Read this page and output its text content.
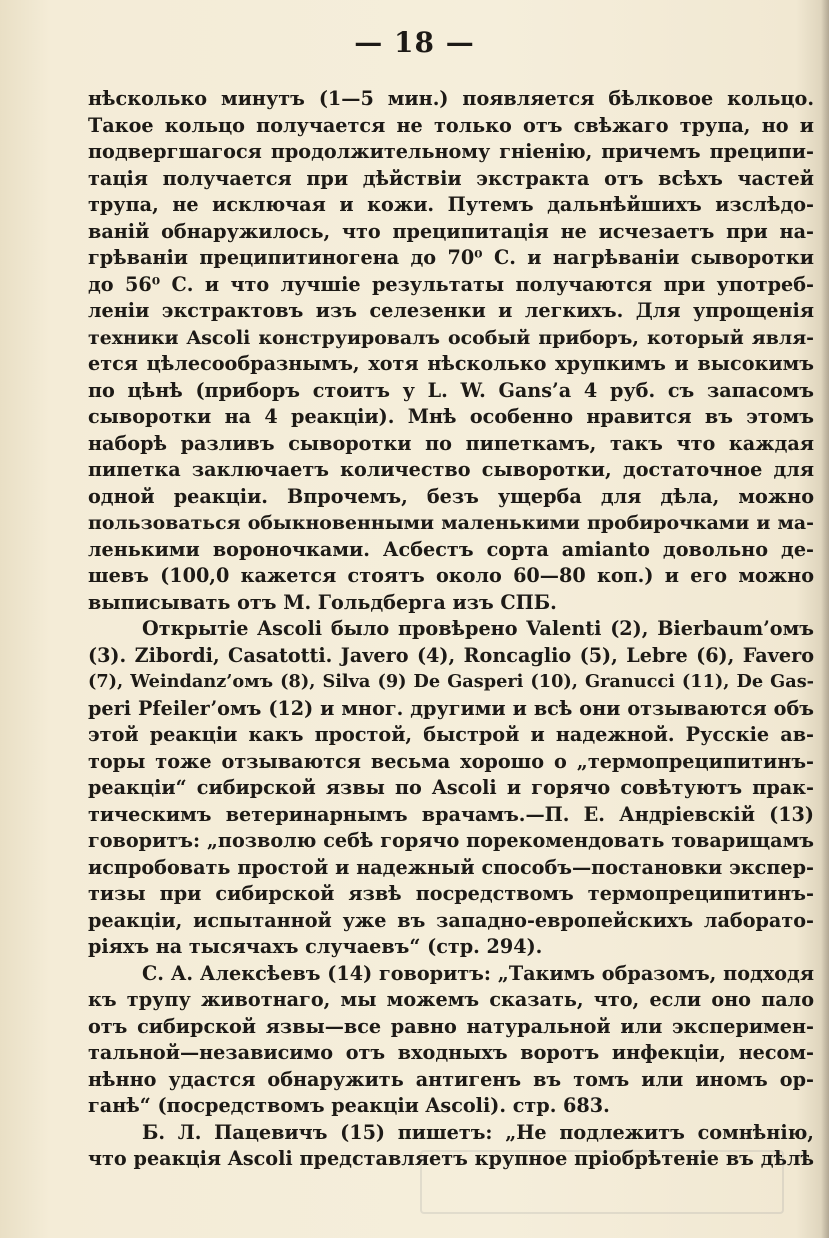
— 18 —
нѣсколько минутъ (1—5 мин.) появляется бѣлковое кольцо.
Такое кольцо получается не только отъ свѣжаго трупа, но и
подвергшагося продолжительному гніенію, причемъ преципи-
тація получается при дѣйствіи экстракта отъ всѣхъ частей
трупа, не исключая и кожи. Путемъ дальнѣйшихъ изслѣдо-
ваній обнаружилось, что преципитація не исчезаетъ при на-
грѣваніи преципитиногена до 70⁰ С. и нагрѣваніи сыворотки
до 56⁰ С. и что лучшіе результаты получаются при употреб-
леніи экстрактовъ изъ селезенки и легкихъ. Для упрощенія
техники Ascoli конструировалъ особый приборъ, который явля-
ется цѣлесообразнымъ, хотя нѣсколько хрупкимъ и высокимъ
по цѣнѣ (приборъ стоитъ у L. W. Gans’а 4 руб. съ запасомъ
сыворотки на 4 реакціи). Мнѣ особенно нравится въ этомъ
наборѣ разливъ сыворотки по пипеткамъ, такъ что каждая
пипетка заключаетъ количество сыворотки, достаточное для
одной реакціи. Впрочемъ, безъ ущерба для дѣла, можно
пользоваться обыкновенными маленькими пробирочками и ма-
ленькими вороночками. Асбестъ сорта amianto довольно де-
шевъ (100,0 кажется стоятъ около 60—80 коп.) и его можно
выписывать отъ М. Гольдберга изъ СПБ.
Открытіе Ascoli было провѣрено Valenti (2), Bierbaum’омъ
(3). Zibordi, Casatotti. Javero (4), Roncaglio (5), Lebre (6), Favero
(7), Weindanz’омъ (8), Silva (9) De Gasperi (10), Granucci (11), De Gas-
peri Pfeiler’омъ (12) и мног. другими и всѣ они отзываются объ
этой реакціи какъ простой, быстрой и надежной. Русскіе ав-
торы тоже отзываются весьма хорошо о „термопреципитинъ-
реакціи“ сибирской язвы по Ascoli и горячо совѣтуютъ прак-
тическимъ ветеринарнымъ врачамъ.—П. Е. Андріевскій (13)
говоритъ: „позволю себѣ горячо порекомендовать товарищамъ
испробовать простой и надежный способъ—постановки экспер-
тизы при сибирской язвѣ посредствомъ термопреципитинъ-
реакціи, испытанной уже въ западно-европейскихъ лаборато-
ріяхъ на тысячахъ случаевъ“ (стр. 294).
С. А. Алексѣевъ (14) говоритъ: „Такимъ образомъ, подходя
къ трупу животнаго, мы можемъ сказать, что, если оно пало
отъ сибирской язвы—все равно натуральной или эксперимен-
тальной—независимо отъ входныхъ воротъ инфекціи, несом-
нѣнно удастся обнаружить антигенъ въ томъ или иномъ ор-
ганѣ“ (посредствомъ реакціи Ascoli). стр. 683.
Б. Л. Пацевичъ (15) пишетъ: „Не подлежитъ сомнѣнію,
что реакція Ascoli представляетъ крупное пріобрѣтеніе въ дѣлѣ
